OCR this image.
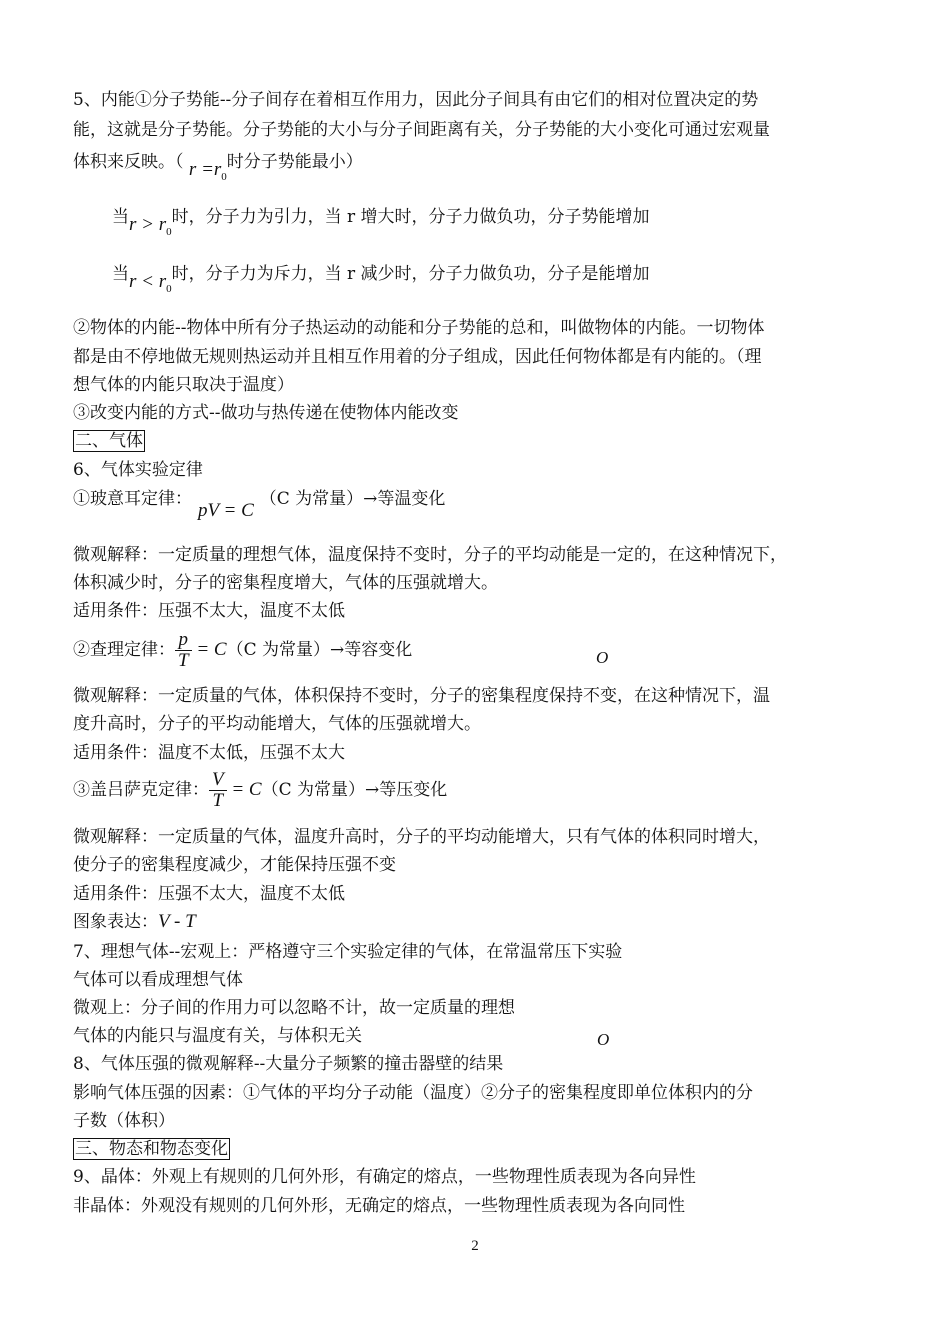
5、内能①分子势能--分子间存在着相互作用力，因此分子间具有由它们的相对位置决定的势
能，这就是分子势能。分子势能的大小与分子间距离有关，分子势能的大小变化可通过宏观量
体积来反映。（ $r =r_0$时分子势能最小）
当$r > r_0$时，分子力为引力，当 r 增大时，分子力做负功，分子势能增加
当$r < r_0$时，分子力为斥力，当 r 减少时，分子力做负功，分子是能增加
②物体的内能--物体中所有分子热运动的动能和分子势能的总和，叫做物体的内能。一切物体
都是由不停地做无规则热运动并且相互作用着的分子组成，因此任何物体都是有内能的。（理
想气体的内能只取决于温度）
③改变内能的方式--做功与热传递在使物体内能改变
二、气体
6、气体实验定律
①玻意耳定律：pV = C（C 为常量）→等温变化
微观解释：一定质量的理想气体，温度保持不变时，分子的平均动能是一定的，在这种情况下，
体积减少时，分子的密集程度增大，气体的压强就增大。
适用条件：压强不太大，温度不太低
②查理定律： $\frac{p}{T} = C(C$ 为常量）→等容变化	O
微观解释：一定质量的气体，体积保持不变时，分子的密集程度保持不变，在这种情况下，温
度升高时，分子的平均动能增大，气体的压强就增大。
适用条件：温度不太低，压强不太大
③盖吕萨克定律： $\frac{V}{T} = C(C$ 为常量）→等压变化
微观解释：一定质量的气体，温度升高时，分子的平均动能增大，只有气体的体积同时增大，
使分子的密集程度减少，才能保持压强不变
适用条件：压强不太大，温度不太低
图象表达：V - T
7、理想气体--宏观上：严格遵守三个实验定律的气体，在常温常压下实验
气体可以看成理想气体
微观上：分子间的作用力可以忽略不计，故一定质量的理想
气体的内能只与温度有关，与体积无关	O
8、气体压强的微观解释--大量分子频繁的撞击器壁的结果
影响气体压强的因素：①气体的平均分子动能（温度）②分子的密集程度即单位体积内的分
子数（体积）
三、物态和物态变化
9、晶体：外观上有规则的几何外形，有确定的熔点，一些物理性质表现为各向异性
非晶体：外观没有规则的几何外形，无确定的熔点，一些物理性质表现为各向同性
2
